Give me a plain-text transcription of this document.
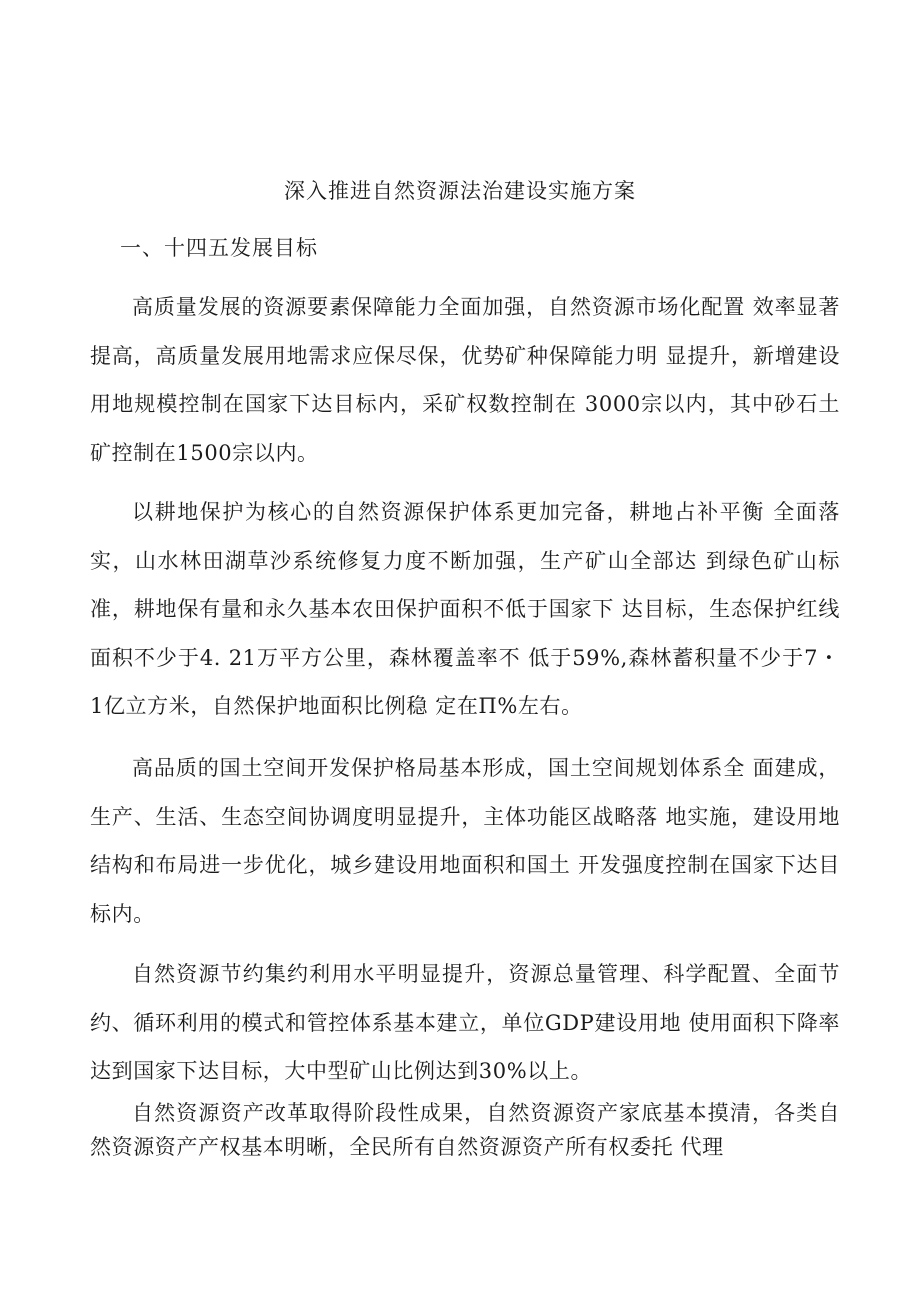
深入推进自然资源法治建设实施方案
一、十四五发展目标

高质量发展的资源要素保障能力全面加强，自然资源市场化配置 效率显著提高，高质量发展用地需求应保尽保，优势矿种保障能力明 显提升，新增建设用地规模控制在国家下达目标内，采矿权数控制在 3000宗以内，其中砂石土矿控制在1500宗以内。

以耕地保护为核心的自然资源保护体系更加完备，耕地占补平衡 全面落实，山水林田湖草沙系统修复力度不断加强，生产矿山全部达 到绿色矿山标准，耕地保有量和永久基本农田保护面积不低于国家下 达目标，生态保护红线面积不少于4. 21万平方公里，森林覆盖率不 低于59%,森林蓄积量不少于7・1亿立方米，自然保护地面积比例稳 定在Π%左右。

高品质的国土空间开发保护格局基本形成，国土空间规划体系全 面建成，生产、生活、生态空间协调度明显提升，主体功能区战略落 地实施，建设用地结构和布局进一步优化，城乡建设用地面积和国土 开发强度控制在国家下达目标内。

自然资源节约集约利用水平明显提升，资源总量管理、科学配置、全面节约、循环利用的模式和管控体系基本建立，单位GDP建设用地 使用面积下降率达到国家下达目标，大中型矿山比例达到30%以上。

自然资源资产改革取得阶段性成果，自然资源资产家底基本摸清，各类自然资源资产产权基本明晰，全民所有自然资源资产所有权委托 代理
